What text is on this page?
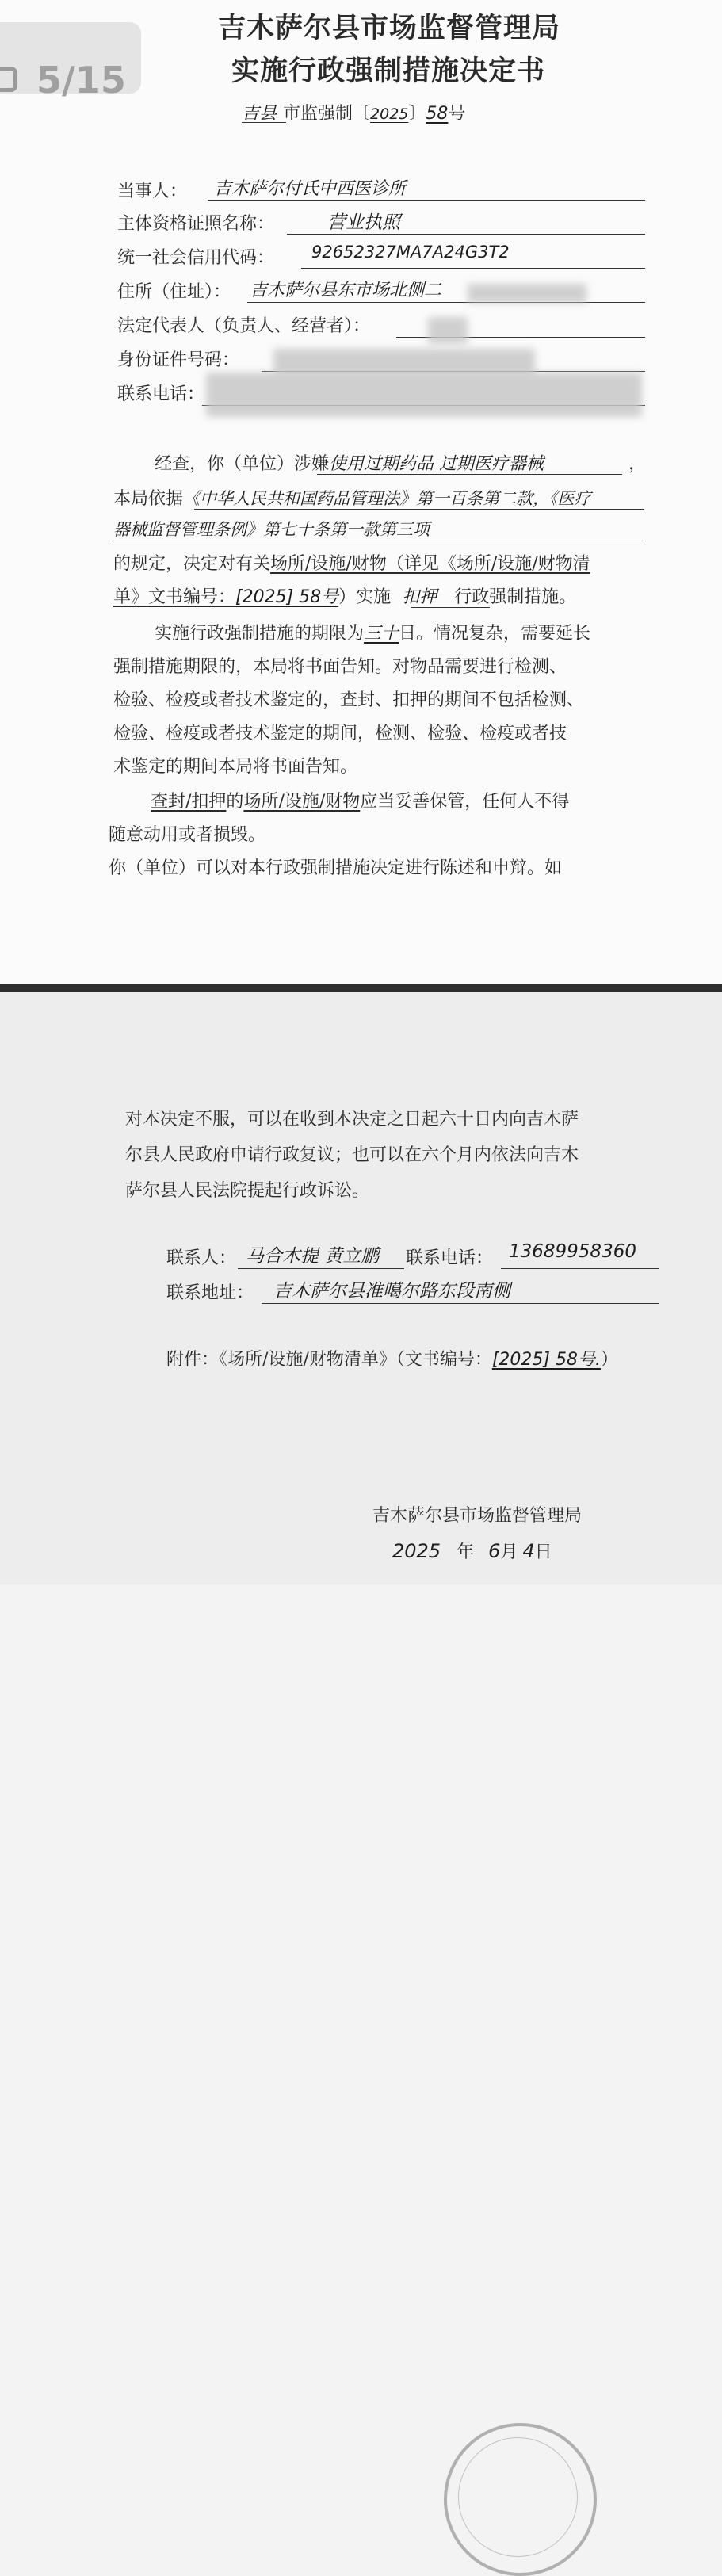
5/15
吉木萨尔县市场监督管理局
实施行政强制措施决定书
吉县 市监强制〔2025〕58号
当事人： 吉木萨尔付氏中西医诊所
主体资格证照名称：	营业执照
统一社会信用代码： 92652327MA7A24G3T2
住所（住址）： 吉木萨尔县东市场北侧二
法定代表人（负责人、经营者）：
身份证件号码：
联系电话：
经查，你（单位）涉嫌使用过期药品 过期医疗器械	，
本局依据《中华人民共和国药品管理法》第一百条第二款，《医疗
器械监督管理条例》第七十条第一款第三项
的规定，决定对有关场所/设施/财物（详见《场所/设施/财物清
单》文书编号：[2025] 58号）实施 扣押 行政强制措施。
实施行政强制措施的期限为三十日。情况复杂，需要延长
强制措施期限的，本局将书面告知。对物品需要进行检测、
检验、检疫或者技术鉴定的，查封、扣押的期间不包括检测、
检验、检疫或者技术鉴定的期间，检测、检验、检疫或者技
术鉴定的期间本局将书面告知。
查封/扣押的场所/设施/财物应当妥善保管，任何人不得
随意动用或者损毁。
你（单位）可以对本行政强制措施决定进行陈述和申辩。如
对本决定不服，可以在收到本决定之日起六十日内向吉木萨
尔县人民政府申请行政复议；也可以在六个月内依法向吉木
萨尔县人民法院提起行政诉讼。
联系人： 马合木提 黄立鹏 联系电话： 13689958360
联系地址： 吉木萨尔县准噶尔路东段南侧
附件：《场所/设施/财物清单》（文书编号：[2025] 58号.）
吉木萨尔县市场监督管理局
2025 年 6月 4日
